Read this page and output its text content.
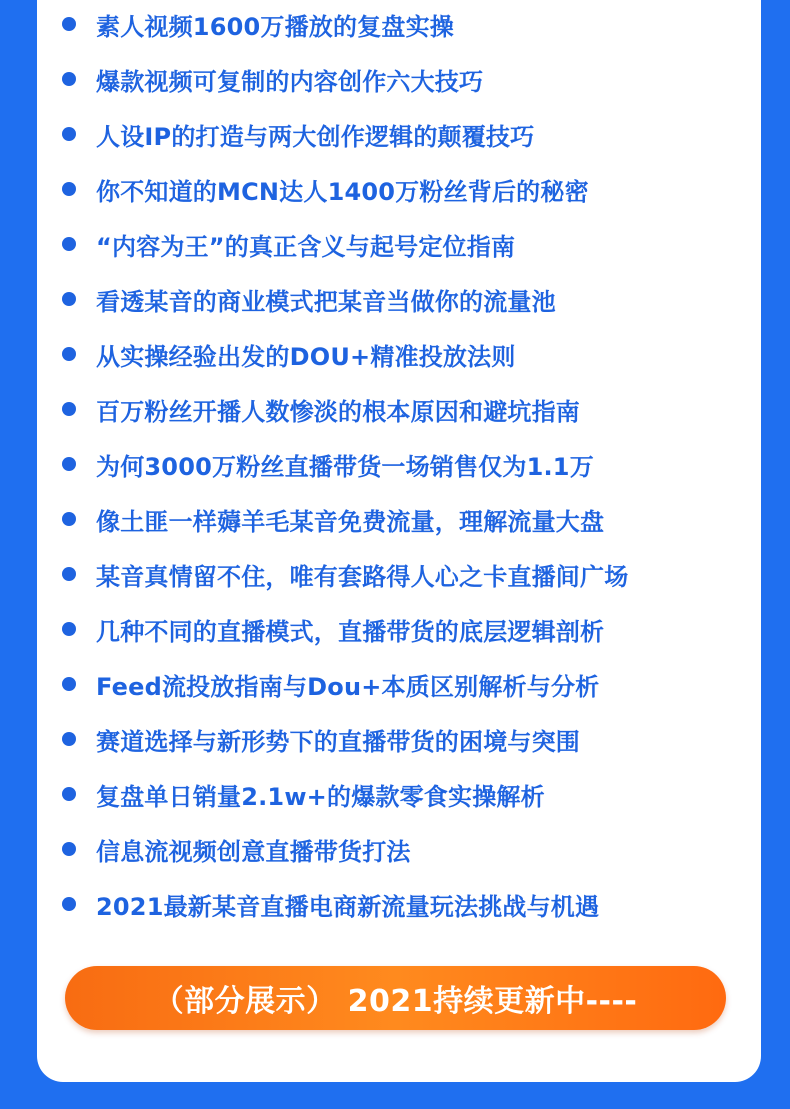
素人视频1600万播放的复盘实操
爆款视频可复制的内容创作六大技巧
人设IP的打造与两大创作逻辑的颠覆技巧
你不知道的MCN达人1400万粉丝背后的秘密
“内容为王”的真正含义与起号定位指南
看透某音的商业模式把某音当做你的流量池
从实操经验出发的DOU+精准投放法则
百万粉丝开播人数惨淡的根本原因和避坑指南
为何3000万粉丝直播带货一场销售仅为1.1万
像土匪一样薅羊毛某音免费流量，理解流量大盘
某音真情留不住，唯有套路得人心之卡直播间广场
几种不同的直播模式，直播带货的底层逻辑剖析
Feed流投放指南与Dou+本质区别解析与分析
赛道选择与新形势下的直播带货的困境与突围
复盘单日销量2.1w+的爆款零食实操解析
信息流视频创意直播带货打法
2021最新某音直播电商新流量玩法挑战与机遇
（部分展示） 2021持续更新中----
